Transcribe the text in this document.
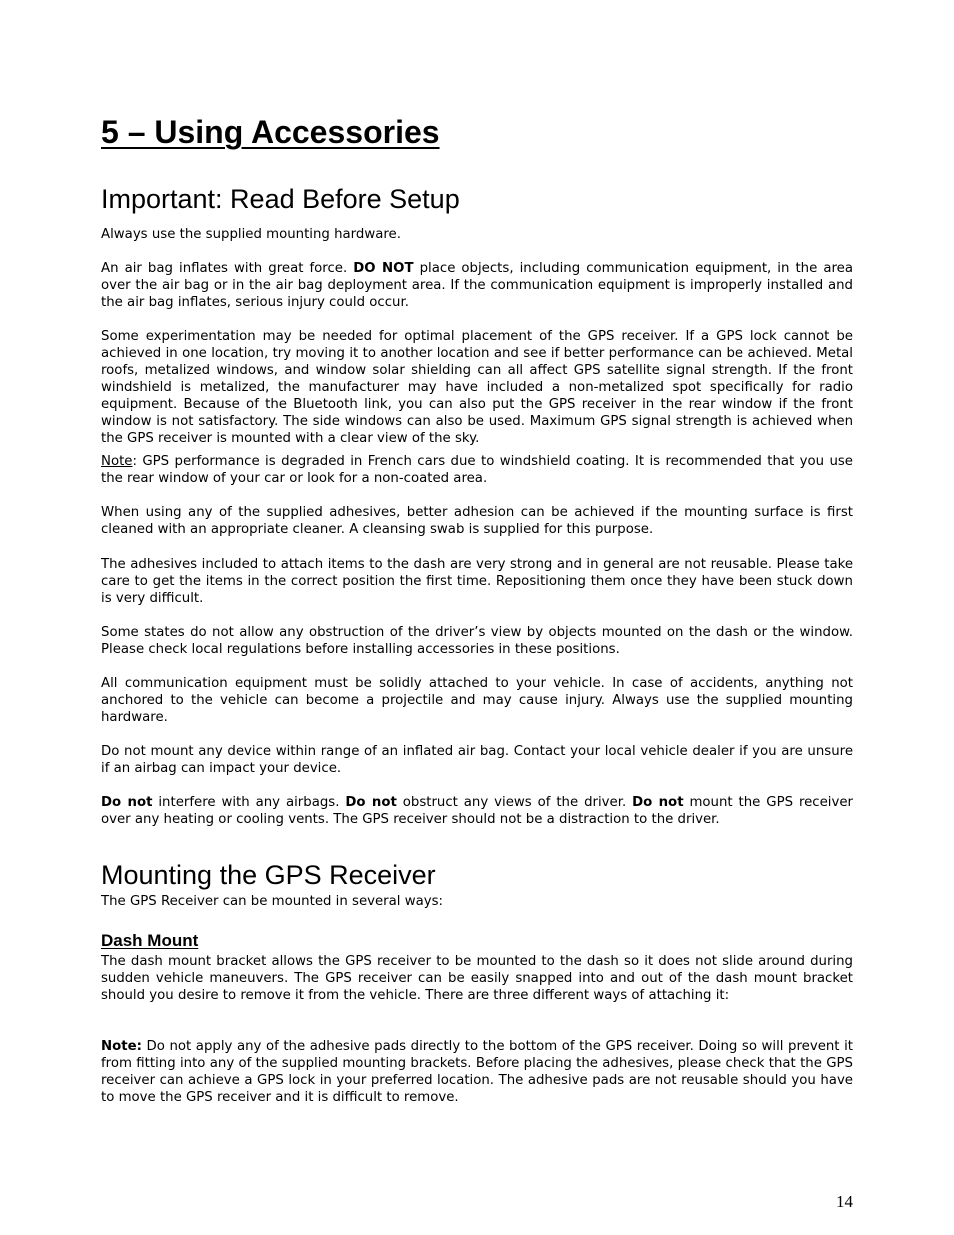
5 – Using Accessories
Important: Read Before Setup

Always use the supplied mounting hardware.

An air bag inflates with great force. DO NOT place objects, including communication equipment, in the area over the air bag or in the air bag deployment area. If the communication equipment is improperly installed and the air bag inflates, serious injury could occur.

Some experimentation may be needed for optimal placement of the GPS receiver. If a GPS lock cannot be achieved in one location, try moving it to another location and see if better performance can be achieved. Metal roofs, metalized windows, and window solar shielding can all affect GPS satellite signal strength. If the front windshield is metalized, the manufacturer may have included a non-metalized spot specifically for radio equipment. Because of the Bluetooth link, you can also put the GPS receiver in the rear window if the front window is not satisfactory. The side windows can also be used. Maximum GPS signal strength is achieved when the GPS receiver is mounted with a clear view of the sky.

Note: GPS performance is degraded in French cars due to windshield coating. It is recommended that you use the rear window of your car or look for a non-coated area.

When using any of the supplied adhesives, better adhesion can be achieved if the mounting surface is first cleaned with an appropriate cleaner. A cleansing swab is supplied for this purpose.

The adhesives included to attach items to the dash are very strong and in general are not reusable. Please take care to get the items in the correct position the first time. Repositioning them once they have been stuck down is very difficult.

Some states do not allow any obstruction of the driver’s view by objects mounted on the dash or the window. Please check local regulations before installing accessories in these positions.

All communication equipment must be solidly attached to your vehicle. In case of accidents, anything not anchored to the vehicle can become a projectile and may cause injury. Always use the supplied mounting hardware.

Do not mount any device within range of an inflated air bag. Contact your local vehicle dealer if you are unsure if an airbag can impact your device.

Do not interfere with any airbags. Do not obstruct any views of the driver. Do not mount the GPS receiver over any heating or cooling vents. The GPS receiver should not be a distraction to the driver.

Mounting the GPS Receiver

The GPS Receiver can be mounted in several ways:

Dash Mount

The dash mount bracket allows the GPS receiver to be mounted to the dash so it does not slide around during sudden vehicle maneuvers. The GPS receiver can be easily snapped into and out of the dash mount bracket should you desire to remove it from the vehicle. There are three different ways of attaching it:

Note: Do not apply any of the adhesive pads directly to the bottom of the GPS receiver. Doing so will prevent it from fitting into any of the supplied mounting brackets. Before placing the adhesives, please check that the GPS receiver can achieve a GPS lock in your preferred location. The adhesive pads are not reusable should you have to move the GPS receiver and it is difficult to remove.

14
